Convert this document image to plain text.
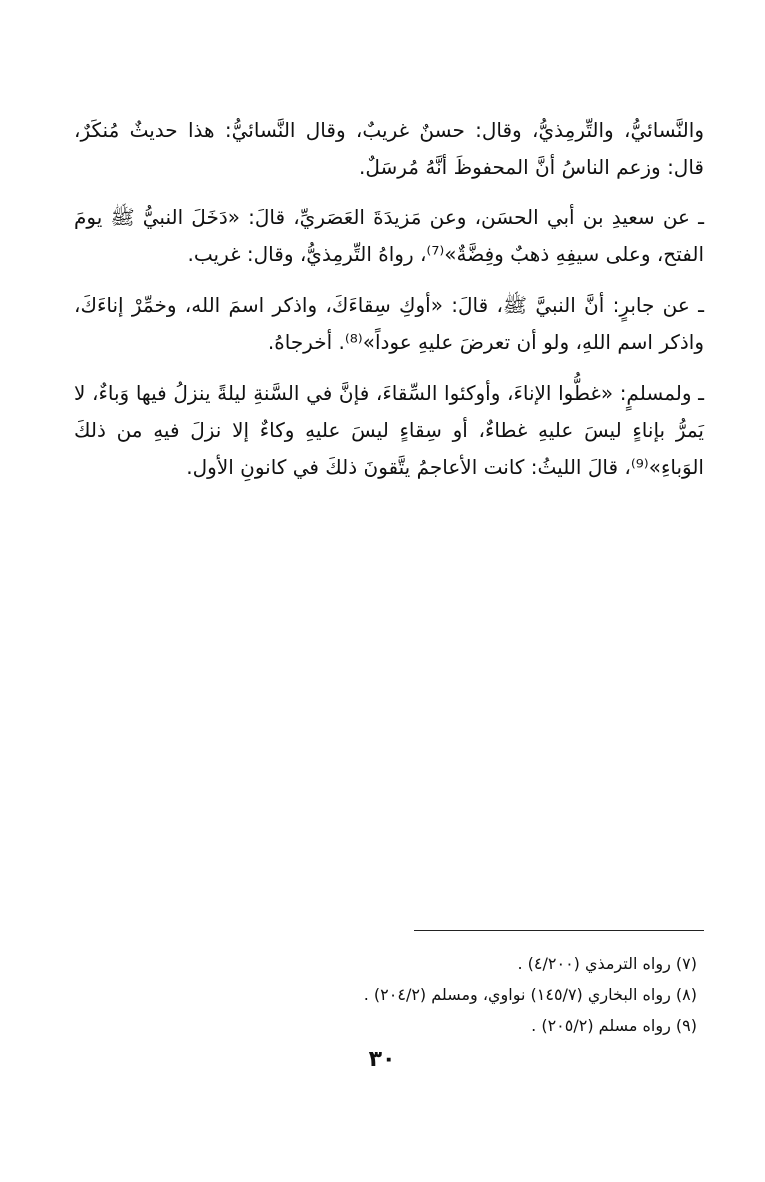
والنَّسائيُّ، والتِّرمِذيُّ، وقال: حسنٌ غريبٌ، وقال النَّسائيُّ: هذا حديثٌ مُنكَرٌ، قال: وزعم الناسُ أنَّ المحفوظَ أنَّهُ مُرسَلٌ.

ـ عن سعيدِ بن أبي الحسَن، وعن مَزيدَةَ العَصَريِّ، قالَ: «دَخَلَ النبيُّ ﷺ يومَ الفتح، وعلى سيفِهِ ذهبٌ وفِضَّةٌ»⁽⁷⁾، رواهُ التِّرمِذيُّ، وقال: غريب.

ـ عن جابرٍ: أنَّ النبيَّ ﷺ، قالَ: «أوكِ سِقاءَكَ، واذكر اسمَ الله، وخمِّرْ إناءَكَ، واذكر اسم اللهِ، ولو أن تعرضَ عليهِ عوداً»⁽⁸⁾. أخرجاهُ.

ـ ولمسلمٍ: «غطُّوا الإناءَ، وأوكئوا السِّقاءَ، فإنَّ في السَّنةِ ليلةً ينزلُ فيها وَباءٌ، لا يَمرُّ بإناءٍ ليسَ عليهِ غطاءٌ، أو سِقاءٍ ليسَ عليهِ وكاءٌ إلا نزلَ فيهِ من ذلكَ الوَباءِ»⁽⁹⁾، قالَ الليثُ: كانت الأعاجمُ يتَّقونَ ذلكَ في كانونِ الأول.

(٧) رواه الترمذي (٤/٢٠٠) .

(٨) رواه البخاري (١٤٥/٧) نواوي، ومسلم (٢٠٤/٢) .

(٩) رواه مسلم (٢٠٥/٢) .

٣٠
